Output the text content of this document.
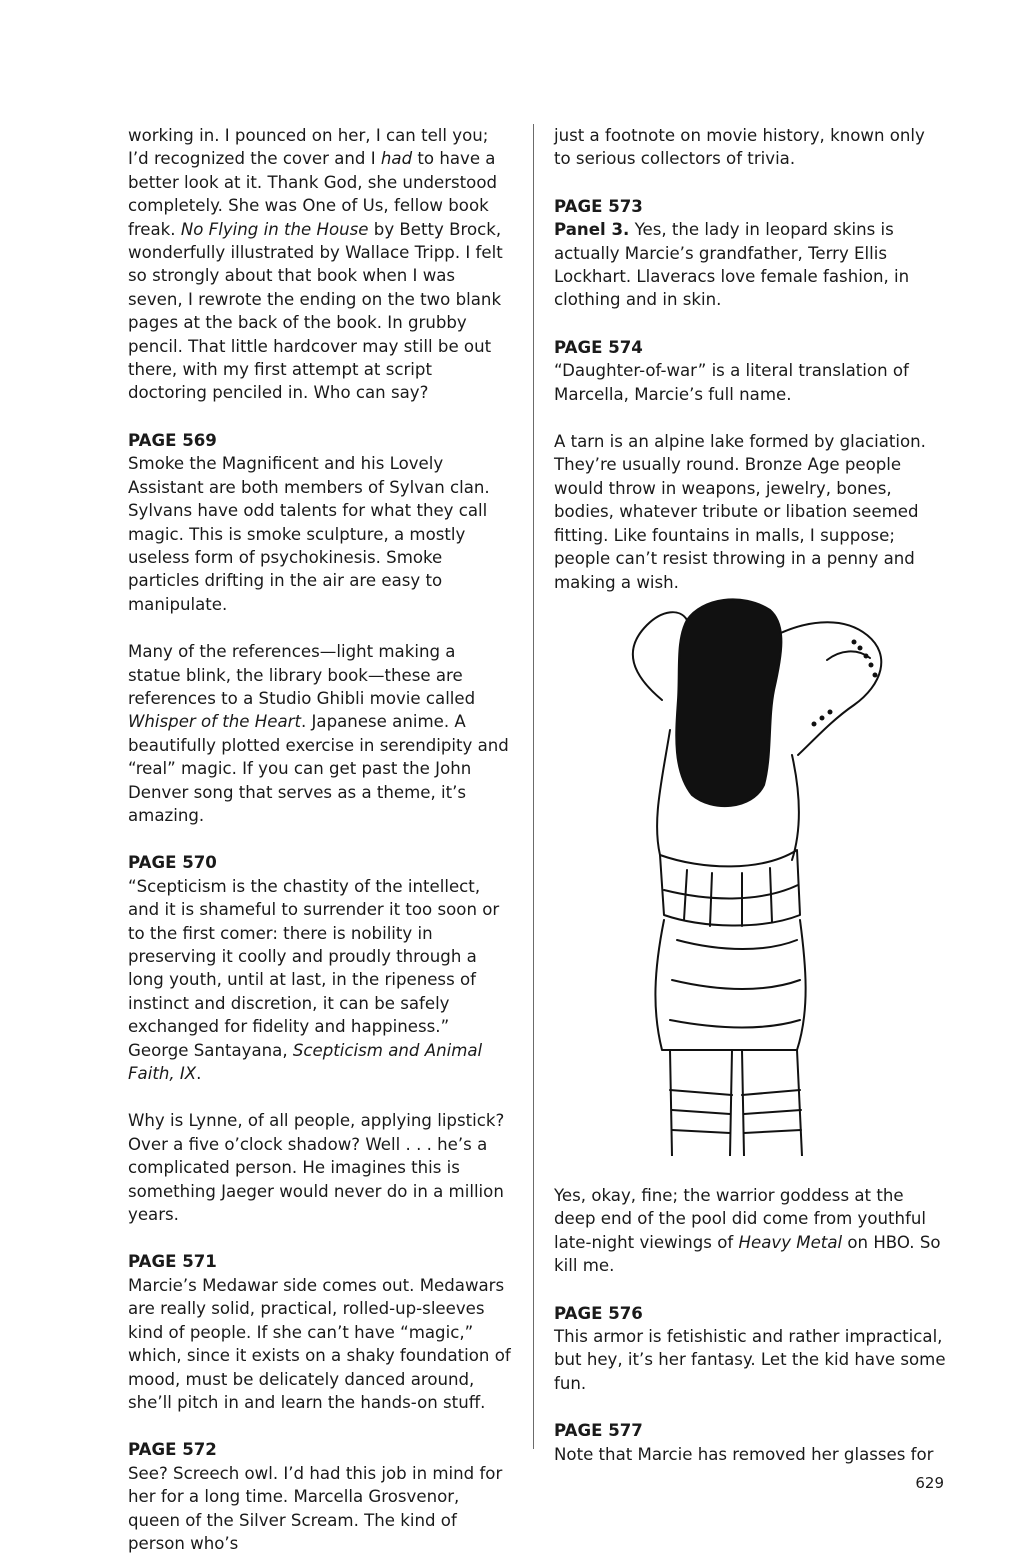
working in. I pounced on her, I can tell you; I’d recognized the cover and I had to have a better look at it. Thank God, she understood completely. She was One of Us, fellow book freak. No Flying in the House by Betty Brock, wonderfully illustrated by Wallace Tripp. I felt so strongly about that book when I was seven, I rewrote the ending on the two blank pages at the back of the book. In grubby pencil. That little hardcover may still be out there, with my first attempt at script doctoring penciled in. Who can say?

PAGE 569

Smoke the Magnificent and his Lovely Assistant are both members of Sylvan clan. Sylvans have odd talents for what they call magic. This is smoke sculpture, a mostly useless form of psychokinesis. Smoke particles drifting in the air are easy to manipulate.

Many of the references—light making a statue blink, the library book—these are references to a Studio Ghibli movie called Whisper of the Heart. Japanese anime. A beautifully plotted exercise in serendipity and “real” magic. If you can get past the John Denver song that serves as a theme, it’s amazing.

PAGE 570

“Scepticism is the chastity of the intellect, and it is shameful to surrender it too soon or to the first comer: there is nobility in preserving it coolly and proudly through a long youth, until at last, in the ripeness of instinct and discretion, it can be safely exchanged for fidelity and happiness.” George Santayana, Scepticism and Animal Faith, IX.

Why is Lynne, of all people, applying lipstick? Over a five o’clock shadow? Well . . . he’s a complicated person. He imagines this is something Jaeger would never do in a million years.

PAGE 571

Marcie’s Medawar side comes out. Medawars are really solid, practical, rolled-up-sleeves kind of people. If she can’t have “magic,” which, since it exists on a shaky foundation of mood, must be delicately danced around, she’ll pitch in and learn the hands-on stuff.

PAGE 572

See? Screech owl. I’d had this job in mind for her for a long time. Marcella Grosvenor, queen of the Silver Scream. The kind of person who’s

just a footnote on movie history, known only to serious collectors of trivia.

PAGE 573

Panel 3. Yes, the lady in leopard skins is actually Marcie’s grandfather, Terry Ellis Lockhart. Llaveracs love female fashion, in clothing and in skin.

PAGE 574

“Daughter-of-war” is a literal translation of Marcella, Marcie’s full name.

A tarn is an alpine lake formed by glaciation. They’re usually round. Bronze Age people would throw in weapons, jewelry, bones, bodies, whatever tribute or libation seemed fitting. Like fountains in malls, I suppose; people can’t resist throwing in a penny and making a wish.

Yes, okay, fine; the warrior goddess at the deep end of the pool did come from youthful late-night viewings of Heavy Metal on HBO. So kill me.

PAGE 576

This armor is fetishistic and rather impractical, but hey, it’s her fantasy. Let the kid have some fun.

PAGE 577

Note that Marcie has removed her glasses for

629
